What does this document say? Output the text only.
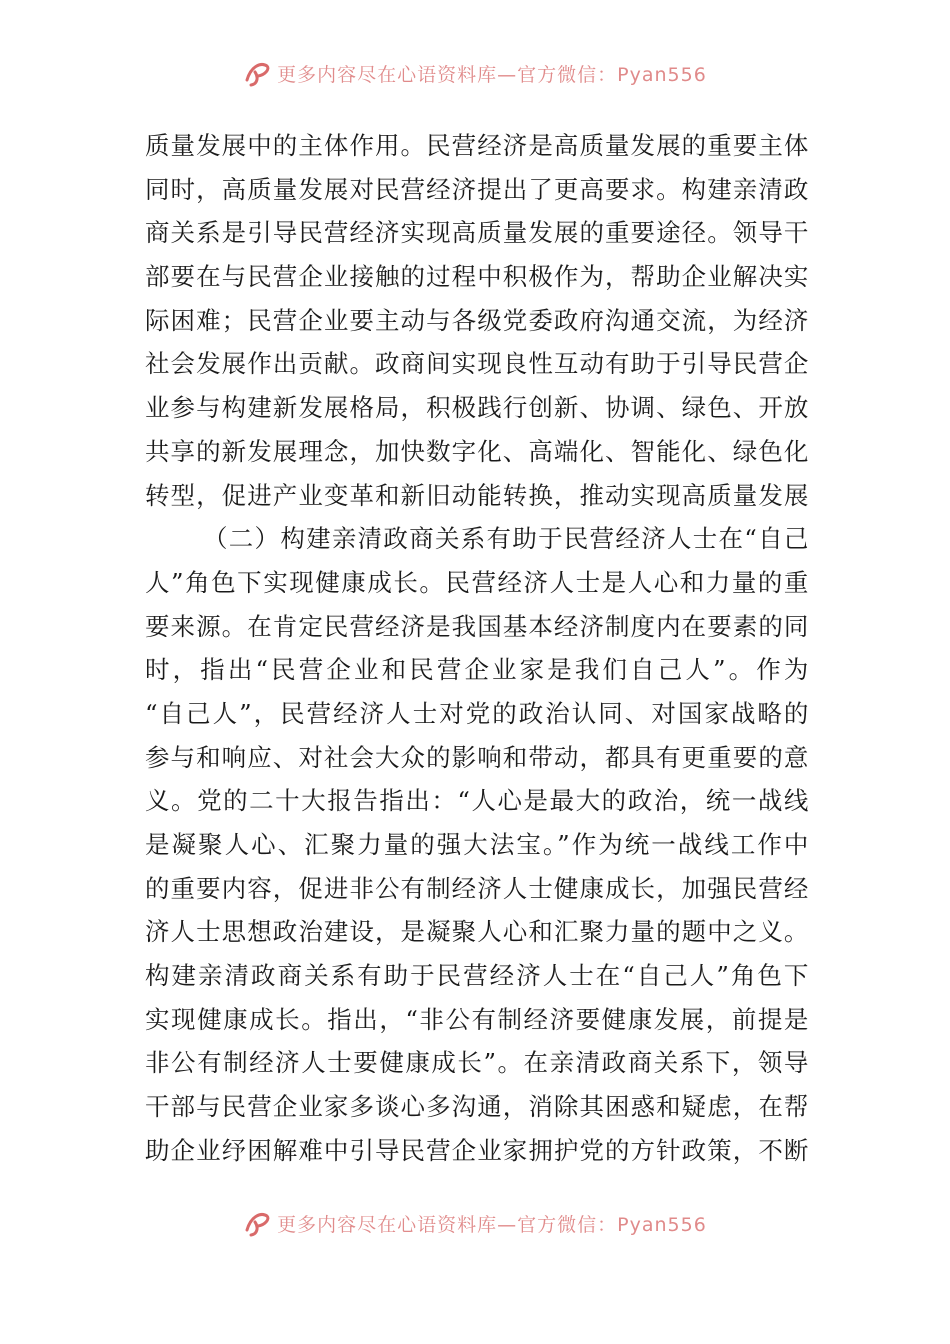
更多内容尽在心语资料库—官方微信：Pyan556
质量发展中的主体作用。民营经济是高质量发展的重要主体
同时，高质量发展对民营经济提出了更高要求。构建亲清政
商关系是引导民营经济实现高质量发展的重要途径。领导干
部要在与民营企业接触的过程中积极作为，帮助企业解决实
际困难；民营企业要主动与各级党委政府沟通交流，为经济
社会发展作出贡献。政商间实现良性互动有助于引导民营企
业参与构建新发展格局，积极践行创新、协调、绿色、开放
共享的新发展理念，加快数字化、高端化、智能化、绿色化
转型，促进产业变革和新旧动能转换，推动实现高质量发展
（二）构建亲清政商关系有助于民营经济人士在“自己
人”角色下实现健康成长。民营经济人士是人心和力量的重
要来源。在肯定民营经济是我国基本经济制度内在要素的同
时，指出“民营企业和民营企业家是我们自己人”。作为
“自己人”，民营经济人士对党的政治认同、对国家战略的
参与和响应、对社会大众的影响和带动，都具有更重要的意
义。党的二十大报告指出：“人心是最大的政治，统一战线
是凝聚人心、汇聚力量的强大法宝。”作为统一战线工作中
的重要内容，促进非公有制经济人士健康成长，加强民营经
济人士思想政治建设，是凝聚人心和汇聚力量的题中之义。
构建亲清政商关系有助于民营经济人士在“自己人”角色下
实现健康成长。指出，“非公有制经济要健康发展，前提是
非公有制经济人士要健康成长”。在亲清政商关系下，领导
干部与民营企业家多谈心多沟通，消除其困惑和疑虑，在帮
助企业纾困解难中引导民营企业家拥护党的方针政策，不断
更多内容尽在心语资料库—官方微信：Pyan556
